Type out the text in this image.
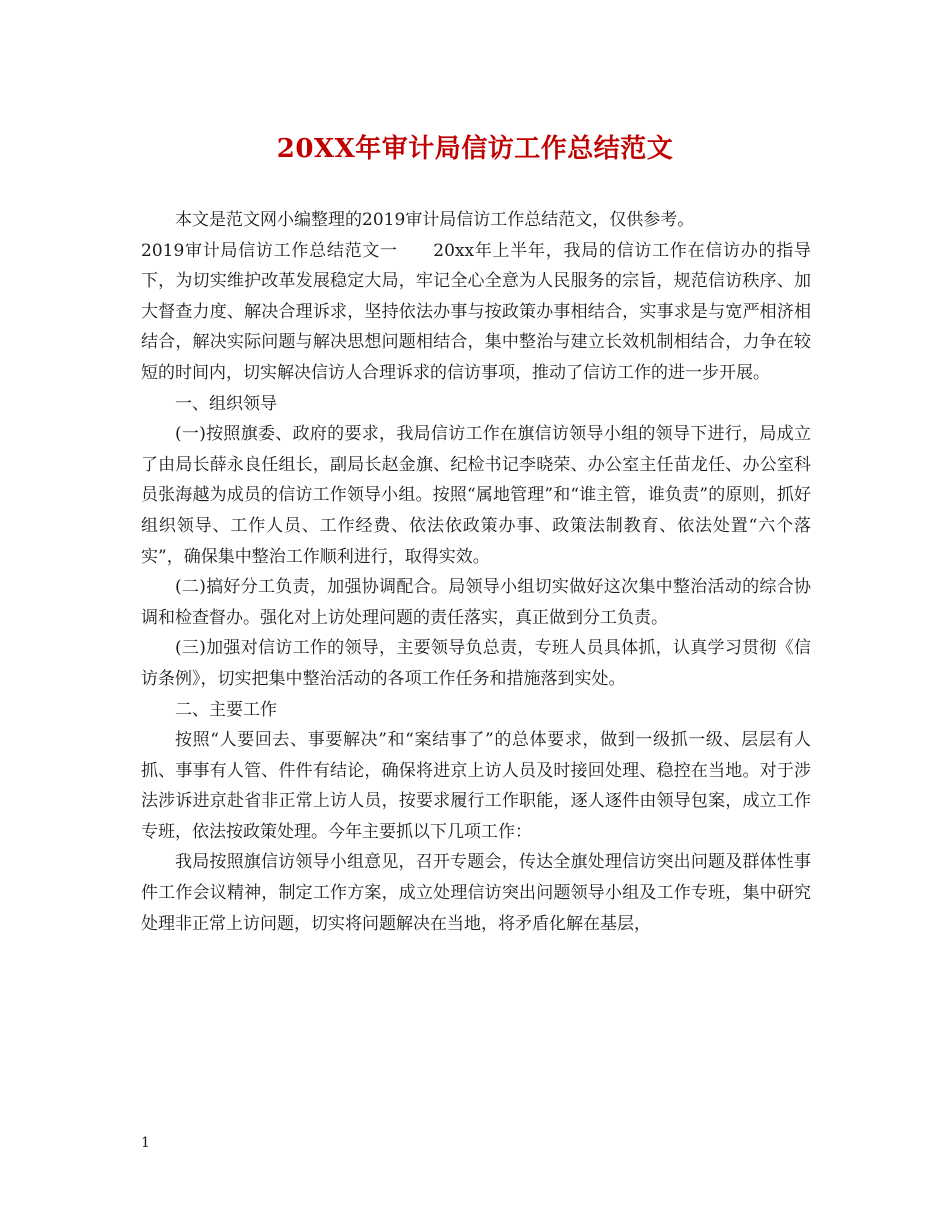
20XX年审计局信访工作总结范文

本文是范文网小编整理的2019审计局信访工作总结范文，仅供参考。

2019审计局信访工作总结范文一　　20xx年上半年，我局的信访工作在信访办的指导下，为切实维护改革发展稳定大局，牢记全心全意为人民服务的宗旨，规范信访秩序、加大督查力度、解决合理诉求，坚持依法办事与按政策办事相结合，实事求是与宽严相济相结合，解决实际问题与解决思想问题相结合，集中整治与建立长效机制相结合，力争在较短的时间内，切实解决信访人合理诉求的信访事项，推动了信访工作的进一步开展。

一、组织领导

(一)按照旗委、政府的要求，我局信访工作在旗信访领导小组的领导下进行，局成立了由局长薛永良任组长，副局长赵金旗、纪检书记李晓荣、办公室主任苗龙任、办公室科员张海越为成员的信访工作领导小组。按照“属地管理”和“谁主管，谁负责”的原则，抓好组织领导、工作人员、工作经费、依法依政策办事、政策法制教育、依法处置“六个落实”，确保集中整治工作顺利进行，取得实效。

(二)搞好分工负责，加强协调配合。局领导小组切实做好这次集中整治活动的综合协调和检查督办。强化对上访处理问题的责任落实，真正做到分工负责。

(三)加强对信访工作的领导，主要领导负总责，专班人员具体抓，认真学习贯彻《信访条例》，切实把集中整治活动的各项工作任务和措施落到实处。

二、主要工作

按照“人要回去、事要解决”和“案结事了”的总体要求，做到一级抓一级、层层有人抓、事事有人管、件件有结论，确保将进京上访人员及时接回处理、稳控在当地。对于涉法涉诉进京赴省非正常上访人员，按要求履行工作职能，逐人逐件由领导包案，成立工作专班，依法按政策处理。今年主要抓以下几项工作：

我局按照旗信访领导小组意见，召开专题会，传达全旗处理信访突出问题及群体性事件工作会议精神，制定工作方案，成立处理信访突出问题领导小组及工作专班，集中研究处理非正常上访问题，切实将问题解决在当地，将矛盾化解在基层，

1
